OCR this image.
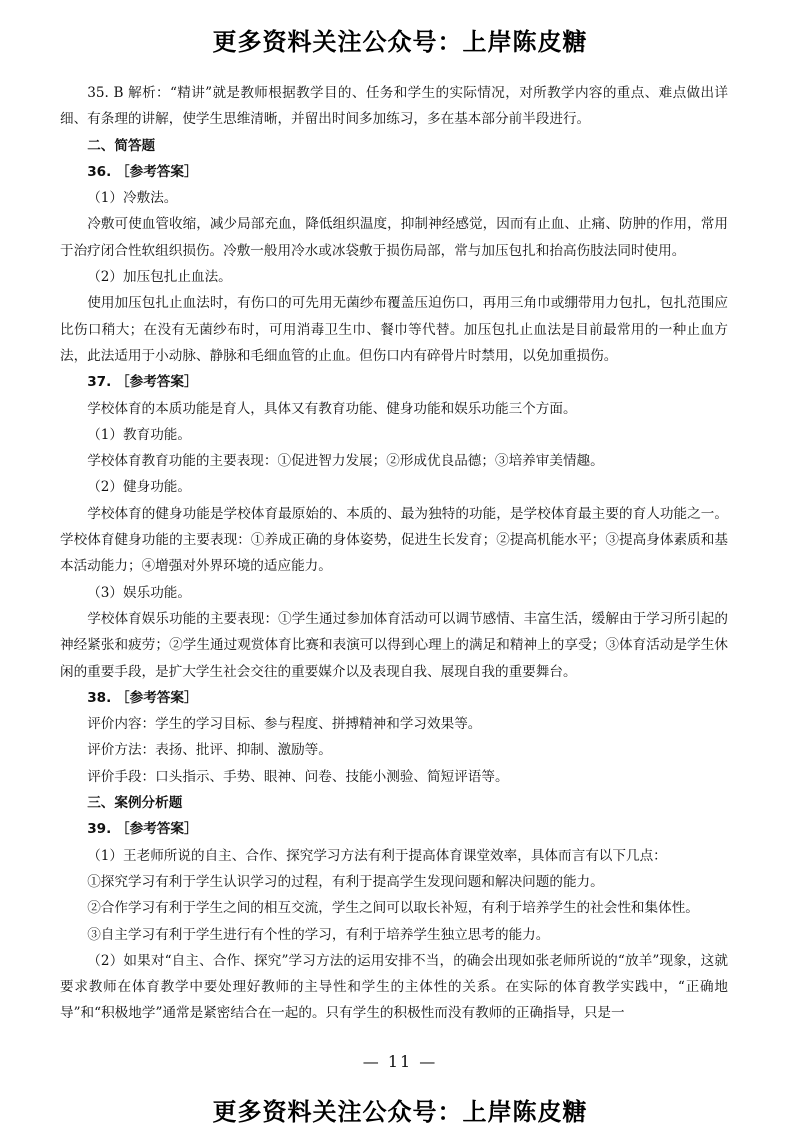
更多资料关注公众号：上岸陈皮糖

35. B 解析：“精讲”就是教师根据教学目的、任务和学生的实际情况，对所教学内容的重点、难点做出详细、有条理的讲解，使学生思维清晰，并留出时间多加练习，多在基本部分前半段进行。

二、简答题

36. ［参考答案］

（1）冷敷法。

冷敷可使血管收缩，减少局部充血，降低组织温度，抑制神经感觉，因而有止血、止痛、防肿的作用，常用于治疗闭合性软组织损伤。冷敷一般用冷水或冰袋敷于损伤局部，常与加压包扎和抬高伤肢法同时使用。

（2）加压包扎止血法。

使用加压包扎止血法时，有伤口的可先用无菌纱布覆盖压迫伤口，再用三角巾或绷带用力包扎，包扎范围应比伤口稍大；在没有无菌纱布时，可用消毒卫生巾、餐巾等代替。加压包扎止血法是目前最常用的一种止血方法，此法适用于小动脉、静脉和毛细血管的止血。但伤口内有碎骨片时禁用，以免加重损伤。

37. ［参考答案］

学校体育的本质功能是育人，具体又有教育功能、健身功能和娱乐功能三个方面。

（1）教育功能。

学校体育教育功能的主要表现：①促进智力发展；②形成优良品德；③培养审美情趣。

（2）健身功能。

学校体育的健身功能是学校体育最原始的、本质的、最为独特的功能，是学校体育最主要的育人功能之一。学校体育健身功能的主要表现：①养成正确的身体姿势，促进生长发育；②提高机能水平；③提高身体素质和基本活动能力；④增强对外界环境的适应能力。

（3）娱乐功能。

学校体育娱乐功能的主要表现：①学生通过参加体育活动可以调节感情、丰富生活，缓解由于学习所引起的神经紧张和疲劳；②学生通过观赏体育比赛和表演可以得到心理上的满足和精神上的享受；③体育活动是学生休闲的重要手段，是扩大学生社会交往的重要媒介以及表现自我、展现自我的重要舞台。

38. ［参考答案］

评价内容：学生的学习目标、参与程度、拼搏精神和学习效果等。

评价方法：表扬、批评、抑制、激励等。

评价手段：口头指示、手势、眼神、问卷、技能小测验、简短评语等。

三、案例分析题

39. ［参考答案］

（1）王老师所说的自主、合作、探究学习方法有利于提高体育课堂效率，具体而言有以下几点：

①探究学习有利于学生认识学习的过程，有利于提高学生发现问题和解决问题的能力。

②合作学习有利于学生之间的相互交流，学生之间可以取长补短，有利于培养学生的社会性和集体性。

③自主学习有利于学生进行有个性的学习，有利于培养学生独立思考的能力。

（2）如果对“自主、合作、探究”学习方法的运用安排不当，的确会出现如张老师所说的“放羊”现象，这就要求教师在体育教学中要处理好教师的主导性和学生的主体性的关系。在实际的体育教学实践中，“正确地导”和“积极地学”通常是紧密结合在一起的。只有学生的积极性而没有教师的正确指导，只是一

— 11 —
更多资料关注公众号：上岸陈皮糖
